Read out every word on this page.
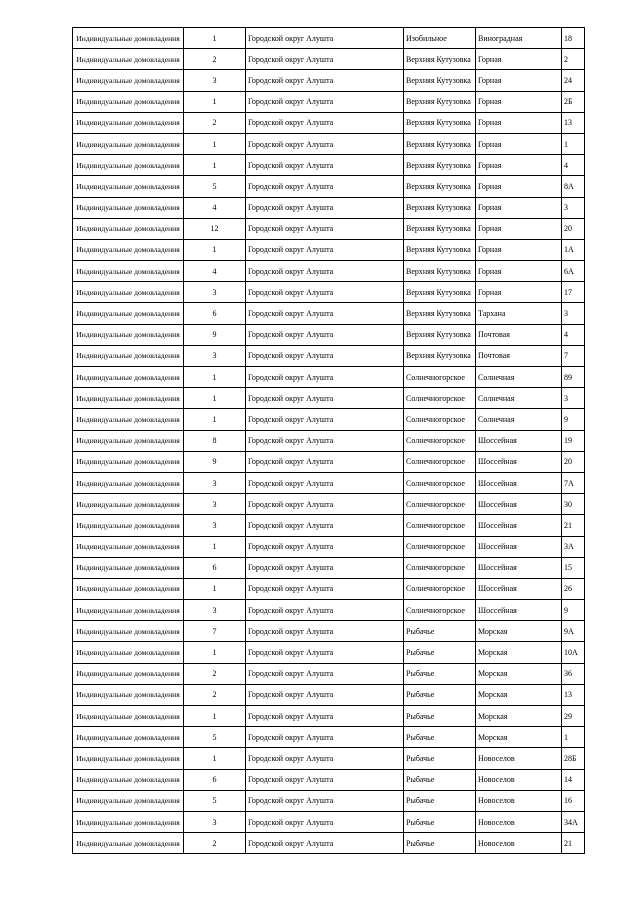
Индивидуальные домовладения	1	Городской округ Алушта	Изобильное	Виноградная	18
Индивидуальные домовладения	2	Городской округ Алушта	Верхняя Кутузовка	Горная	2
Индивидуальные домовладения	3	Городской округ Алушта	Верхняя Кутузовка	Горная	24
Индивидуальные домовладения	1	Городской округ Алушта	Верхняя Кутузовка	Горная	2Б
Индивидуальные домовладения	2	Городской округ Алушта	Верхняя Кутузовка	Горная	13
Индивидуальные домовладения	1	Городской округ Алушта	Верхняя Кутузовка	Горная	1
Индивидуальные домовладения	1	Городской округ Алушта	Верхняя Кутузовка	Горная	4
Индивидуальные домовладения	5	Городской округ Алушта	Верхняя Кутузовка	Горная	8А
Индивидуальные домовладения	4	Городской округ Алушта	Верхняя Кутузовка	Горная	3
Индивидуальные домовладения	12	Городской округ Алушта	Верхняя Кутузовка	Горная	20
Индивидуальные домовладения	1	Городской округ Алушта	Верхняя Кутузовка	Горная	1А
Индивидуальные домовладения	4	Городской округ Алушта	Верхняя Кутузовка	Горная	6А
Индивидуальные домовладения	3	Городской округ Алушта	Верхняя Кутузовка	Горная	17
Индивидуальные домовладения	6	Городской округ Алушта	Верхняя Кутузовка	Тархана	3
Индивидуальные домовладения	9	Городской округ Алушта	Верхняя Кутузовка	Почтовая	4
Индивидуальные домовладения	3	Городской округ Алушта	Верхняя Кутузовка	Почтовая	7
Индивидуальные домовладения	1	Городской округ Алушта	Солнечногорское	Солнечная	89
Индивидуальные домовладения	1	Городской округ Алушта	Солнечногорское	Солнечная	3
Индивидуальные домовладения	1	Городской округ Алушта	Солнечногорское	Солнечная	9
Индивидуальные домовладения	8	Городской округ Алушта	Солнечногорское	Шоссейная	19
Индивидуальные домовладения	9	Городской округ Алушта	Солнечногорское	Шоссейная	20
Индивидуальные домовладения	3	Городской округ Алушта	Солнечногорское	Шоссейная	7А
Индивидуальные домовладения	3	Городской округ Алушта	Солнечногорское	Шоссейная	30
Индивидуальные домовладения	3	Городской округ Алушта	Солнечногорское	Шоссейная	21
Индивидуальные домовладения	1	Городской округ Алушта	Солнечногорское	Шоссейная	3А
Индивидуальные домовладения	6	Городской округ Алушта	Солнечногорское	Шоссейная	15
Индивидуальные домовладения	1	Городской округ Алушта	Солнечногорское	Шоссейная	26
Индивидуальные домовладения	3	Городской округ Алушта	Солнечногорское	Шоссейная	9
Индивидуальные домовладения	7	Городской округ Алушта	Рыбачье	Морская	9А
Индивидуальные домовладения	1	Городской округ Алушта	Рыбачье	Морская	10А
Индивидуальные домовладения	2	Городской округ Алушта	Рыбачье	Морская	36
Индивидуальные домовладения	2	Городской округ Алушта	Рыбачье	Морская	13
Индивидуальные домовладения	1	Городской округ Алушта	Рыбачье	Морская	29
Индивидуальные домовладения	5	Городской округ Алушта	Рыбачье	Морская	1
Индивидуальные домовладения	1	Городской округ Алушта	Рыбачье	Новоселов	28Б
Индивидуальные домовладения	6	Городской округ Алушта	Рыбачье	Новоселов	14
Индивидуальные домовладения	5	Городской округ Алушта	Рыбачье	Новоселов	16
Индивидуальные домовладения	3	Городской округ Алушта	Рыбачье	Новоселов	34А
Индивидуальные домовладения	2	Городской округ Алушта	Рыбачье	Новоселов	21
